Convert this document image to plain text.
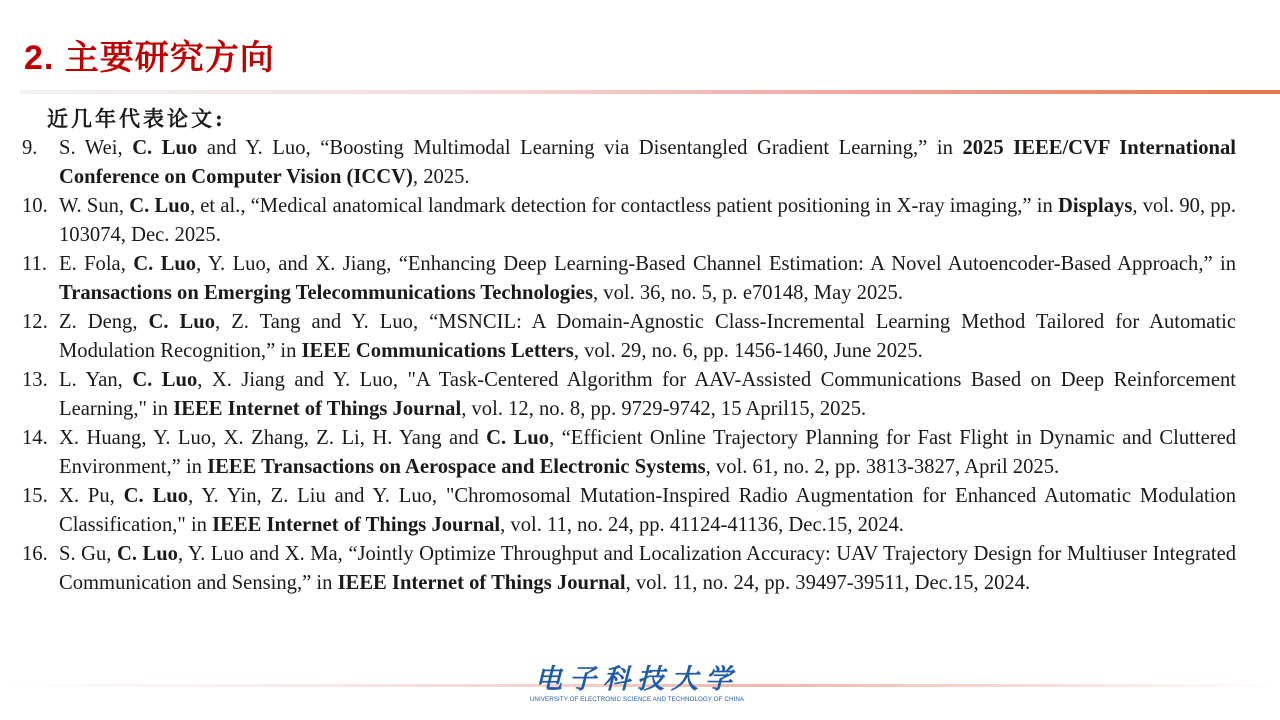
2. 主要研究方向
近几年代表论文:
9. S. Wei, C. Luo and Y. Luo, “Boosting Multimodal Learning via Disentangled Gradient Learning,” in 2025 IEEE/CVF International Conference on Computer Vision (ICCV), 2025.
10. W. Sun, C. Luo, et al., “Medical anatomical landmark detection for contactless patient positioning in X-ray imaging,” in Displays, vol. 90, pp. 103074, Dec. 2025.
11. E. Fola, C. Luo, Y. Luo, and X. Jiang, “Enhancing Deep Learning-Based Channel Estimation: A Novel Autoencoder-Based Approach,” in Transactions on Emerging Telecommunications Technologies, vol. 36, no. 5, p. e70148, May 2025.
12. Z. Deng, C. Luo, Z. Tang and Y. Luo, “MSNCIL: A Domain-Agnostic Class-Incremental Learning Method Tailored for Automatic Modulation Recognition,” in IEEE Communications Letters, vol. 29, no. 6, pp. 1456-1460, June 2025.
13. L. Yan, C. Luo, X. Jiang and Y. Luo, "A Task-Centered Algorithm for AAV-Assisted Communications Based on Deep Reinforcement Learning," in IEEE Internet of Things Journal, vol. 12, no. 8, pp. 9729-9742, 15 April15, 2025.
14. X. Huang, Y. Luo, X. Zhang, Z. Li, H. Yang and C. Luo, “Efficient Online Trajectory Planning for Fast Flight in Dynamic and Cluttered Environment,” in IEEE Transactions on Aerospace and Electronic Systems, vol. 61, no. 2, pp. 3813-3827, April 2025.
15. X. Pu, C. Luo, Y. Yin, Z. Liu and Y. Luo, "Chromosomal Mutation-Inspired Radio Augmentation for Enhanced Automatic Modulation Classification," in IEEE Internet of Things Journal, vol. 11, no. 24, pp. 41124-41136, Dec.15, 2024.
16. S. Gu, C. Luo, Y. Luo and X. Ma, “Jointly Optimize Throughput and Localization Accuracy: UAV Trajectory Design for Multiuser Integrated Communication and Sensing,” in IEEE Internet of Things Journal, vol. 11, no. 24, pp. 39497-39511, Dec.15, 2024.
电子科技大学
UNIVERSITY OF ELECTRONIC SCIENCE AND TECHNOLOGY OF CHINA
